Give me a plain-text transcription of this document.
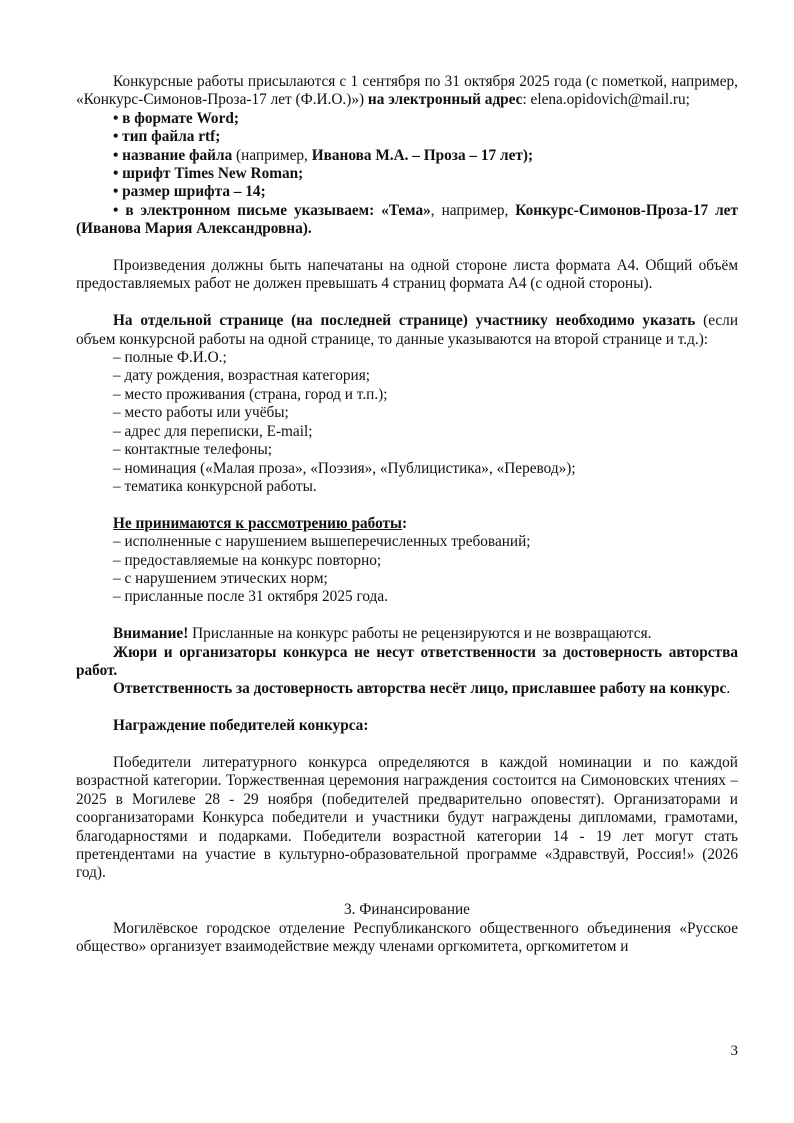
Конкурсные работы присылаются с 1 сентября по 31 октября 2025 года (с пометкой, например, «Конкурс-Симонов-Проза-17 лет (Ф.И.О.)») на электронный адрес: elena.opidovich@mail.ru;

• в формате Word;

• тип файла rtf;

• название файла (например, Иванова М.А. – Проза – 17 лет);

• шрифт Times New Roman;

• размер шрифта – 14;

• в электронном письме указываем: «Тема», например, Конкурс-Симонов-Проза-17 лет (Иванова Мария Александровна).

Произведения должны быть напечатаны на одной стороне листа формата А4. Общий объём предоставляемых работ не должен превышать 4 страниц формата А4 (с одной стороны).

На отдельной странице (на последней странице) участнику необходимо указать (если объем конкурсной работы на одной странице, то данные указываются на второй странице и т.д.):

– полные Ф.И.О.;

– дату рождения, возрастная категория;

– место проживания (страна, город и т.п.);

– место работы или учёбы;

– адрес для переписки, E-mail;

– контактные телефоны;

– номинация («Малая проза», «Поэзия», «Публицистика», «Перевод»);

– тематика конкурсной работы.

Не принимаются к рассмотрению работы:

– исполненные с нарушением вышеперечисленных требований;

– предоставляемые на конкурс повторно;

– с нарушением этических норм;

– присланные после 31 октября 2025 года.

Внимание! Присланные на конкурс работы не рецензируются и не возвращаются.

Жюри и организаторы конкурса не несут ответственности за достоверность авторства работ.

Ответственность за достоверность авторства несёт лицо, приславшее работу на конкурс.

Награждение победителей конкурса:

Победители литературного конкурса определяются в каждой номинации и по каждой возрастной категории. Торжественная церемония награждения состоится на Симоновских чтениях – 2025 в Могилеве 28 - 29 ноября (победителей предварительно оповестят). Организаторами и соорганизаторами Конкурса победители и участники будут награждены дипломами, грамотами, благодарностями и подарками. Победители возрастной категории 14 - 19 лет могут стать претендентами на участие в культурно-образовательной программе «Здравствуй, Россия!» (2026 год).

3. Финансирование

Могилёвское городское отделение Республиканского общественного объединения «Русское общество» организует взаимодействие между членами оргкомитета, оргкомитетом и

3
